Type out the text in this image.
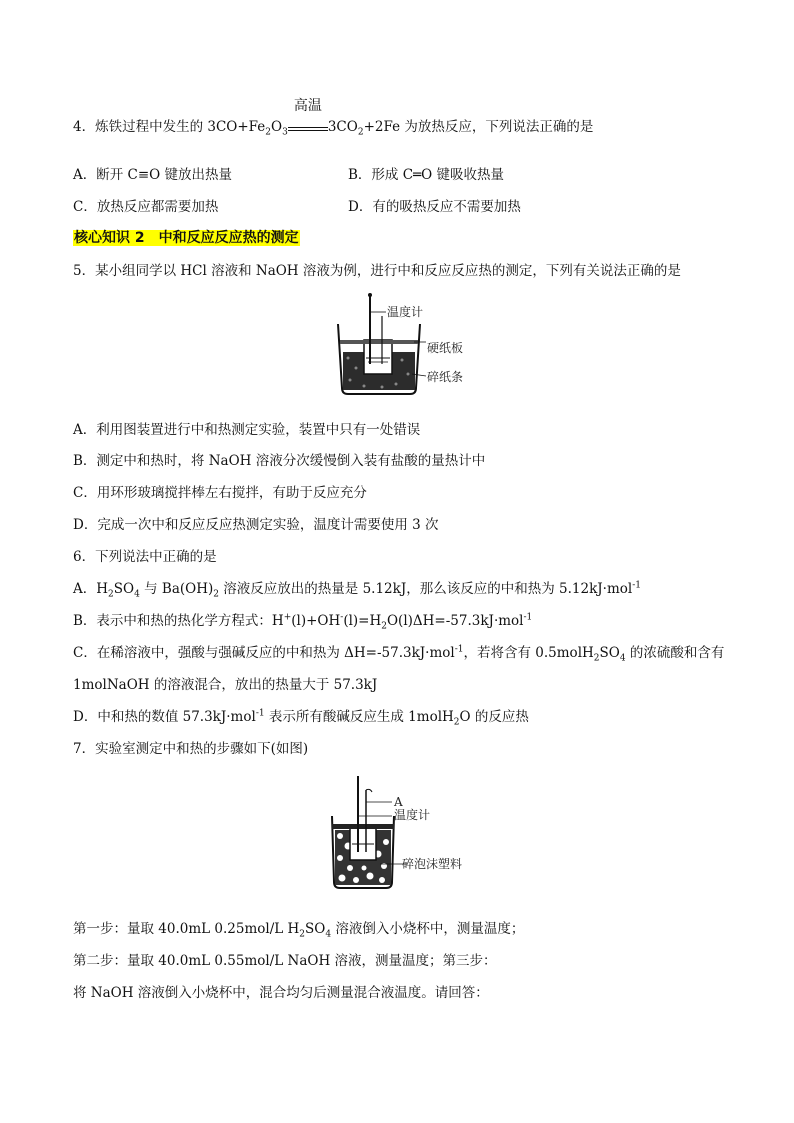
4．炼铁过程中发生的 $3CO+Fe_2O_3$
高温
$3CO_2+2Fe$ 为放热反应，下列说法正确的是
A．断开 C≡O 键放出热量	B．形成 C═O 键吸收热量
C．放热反应都需要加热	D．有的吸热反应不需要加热
核心知识 2　中和反应反应热的测定
5．某小组同学以 HCl 溶液和 NaOH 溶液为例，进行中和反应反应热的测定，下列有关说法正确的是
温度计
硬纸板
碎纸条
A．利用图装置进行中和热测定实验，装置中只有一处错误
B．测定中和热时，将 NaOH 溶液分次缓慢倒入装有盐酸的量热计中
C．用环形玻璃搅拌棒左右搅拌，有助于反应充分
D．完成一次中和反应反应热测定实验，温度计需要使用 3 次
6．下列说法中正确的是
A．$H_2SO_4$ 与 $Ba(OH)_2$ 溶液反应放出的热量是 5.12kJ，那么该反应的中和热为 5.12kJ·mol$^{-1}$
B．表示中和热的热化学方程式：$H^+(l)+OH^-(l)=H_2O(l)\Delta H=-57.3kJ\cdot mol^{-1}$
C．在稀溶液中，强酸与强碱反应的中和热为 ΔH=-57.3kJ·mol$^{-1}$，若将含有 $0.5molH_2SO_4$ 的浓硫酸和含有
1molNaOH 的溶液混合，放出的热量大于 57.3kJ
D．中和热的数值 57.3kJ·mol$^{-1}$ 表示所有酸碱反应生成 1molH$_2$O 的反应热
7．实验室测定中和热的步骤如下(如图)
A
温度计
碎泡沫塑料
第一步：量取 40.0mL 0.25mol/L $H_2SO_4$ 溶液倒入小烧杯中，测量温度；
第二步：量取 40.0mL 0.55mol/L NaOH 溶液，测量温度；第三步：
将 NaOH 溶液倒入小烧杯中，混合均匀后测量混合液温度。请回答：
